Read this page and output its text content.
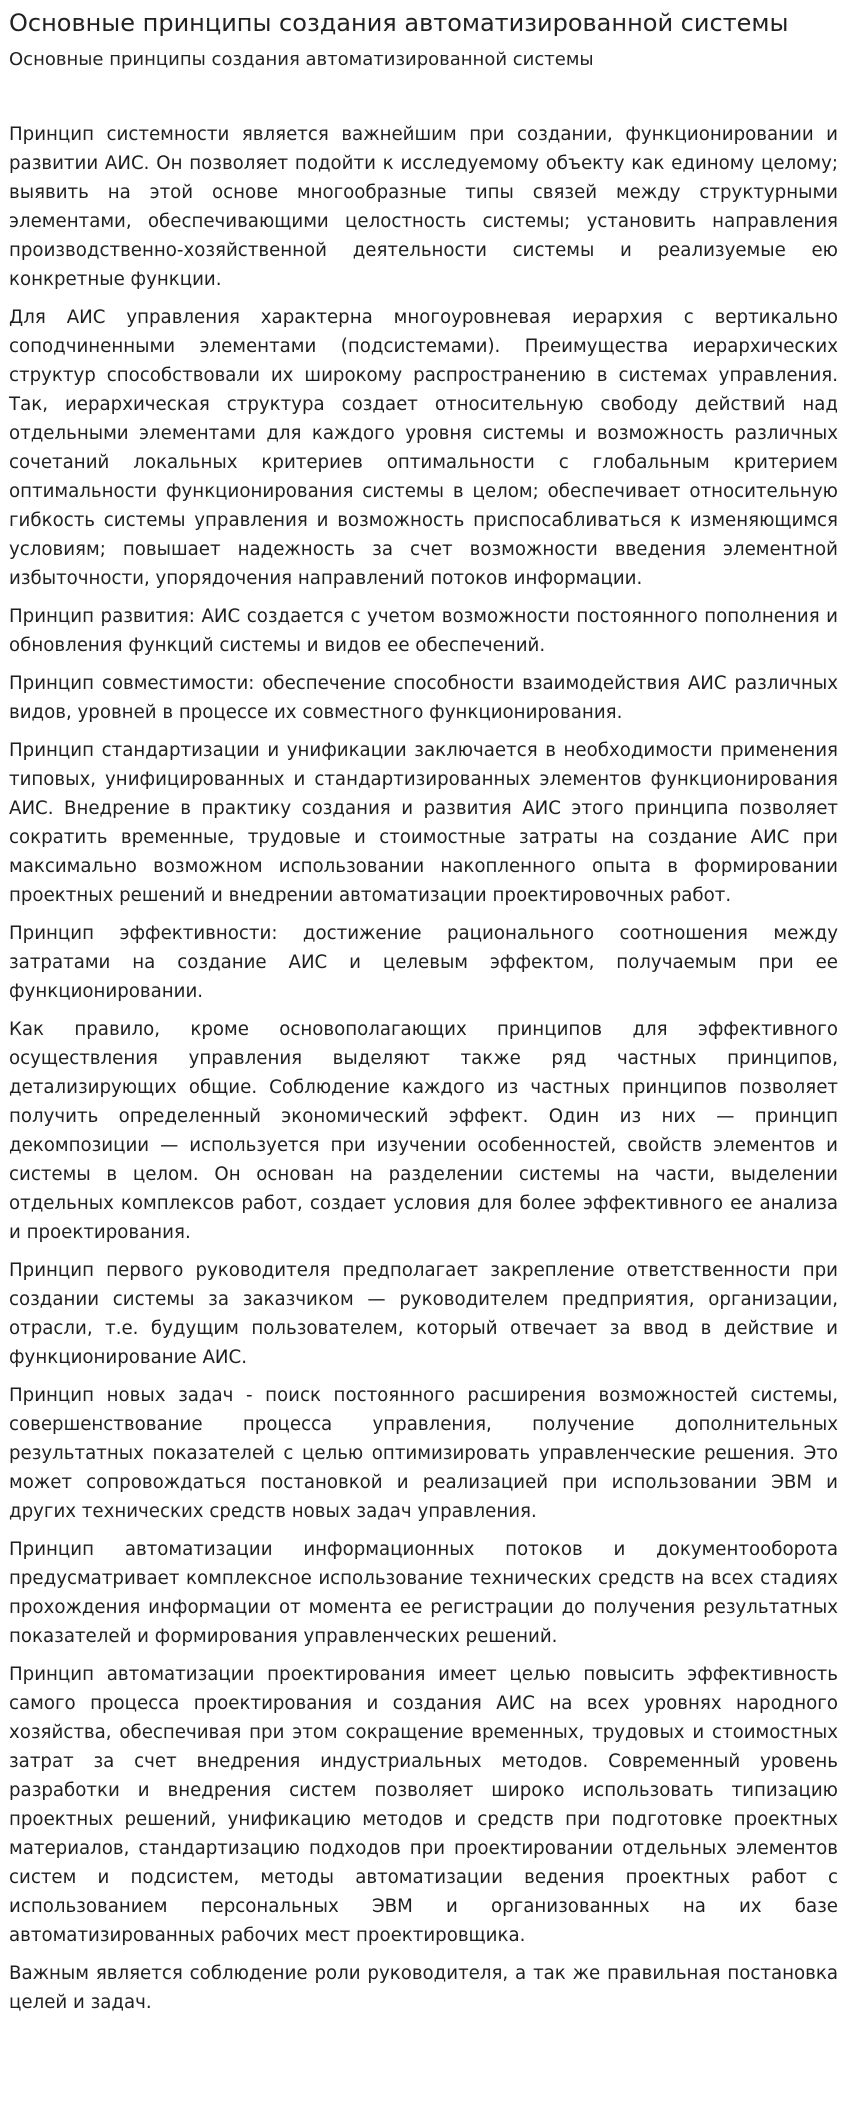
Основные принципы создания автоматизированной системы
Основные принципы создания автоматизированной системы

Принцип системности является важнейшим при создании, функционировании и развитии АИС. Он позволяет подойти к исследуемому объекту как единому целому; выявить на этой основе многообразные типы связей между структурными элементами, обеспечивающими целостность системы; установить направления производственно-хозяйственной деятельности системы и реализуемые ею конкретные функции.

Для АИС управления характерна многоуровневая иерархия с вертикально соподчиненными элементами (подсистемами). Преимущества иерархических структур способствовали их широкому распространению в системах управления. Так, иерархическая структура создает относительную свободу действий над отдельными элементами для каждого уровня системы и возможность различных сочетаний локальных критериев оптимальности с глобальным критерием оптимальности функционирования системы в целом; обеспечивает относительную гибкость системы управления и возможность приспосабливаться к изменяющимся условиям; повышает надежность за счет возможности введения элементной избыточности, упорядочения направлений потоков информации.

Принцип развития: АИС создается с учетом возможности постоянного пополнения и обновления функций системы и видов ее обеспечений.

Принцип совместимости: обеспечение способности взаимодействия АИС различных видов, уровней в процессе их совместного функционирования.

Принцип стандартизации и унификации заключается в необходимости применения типовых, унифицированных и стандартизированных элементов функционирования АИС. Внедрение в практику создания и развития АИС этого принципа позволяет сократить временные, трудовые и стоимостные затраты на создание АИС при максимально возможном использовании накопленного опыта в формировании проектных решений и внедрении автоматизации проектировочных работ.

Принцип эффективности: достижение рационального соотношения между затратами на создание АИС и целевым эффектом, получаемым при ее функционировании.

Как правило, кроме основополагающих принципов для эффективного осуществления управления выделяют также ряд частных принципов, детализирующих общие. Соблюдение каждого из частных принципов позволяет получить определенный экономический эффект. Один из них — принцип декомпозиции — используется при изучении особенностей, свойств элементов и системы в целом. Он основан на разделении системы на части, выделении отдельных комплексов работ, создает условия для более эффективного ее анализа и проектирования.

Принцип первого руководителя предполагает закрепление ответственности при создании системы за заказчиком — руководителем предприятия, организации, отрасли, т.е. будущим пользователем, который отвечает за ввод в действие и функционирование АИС.

Принцип новых задач - поиск постоянного расширения возможностей системы, совершенствование процесса управления, получение дополнительных результатных показателей с целью оптимизировать управленческие решения. Это может сопровождаться постановкой и реализацией при использовании ЭВМ и других технических средств новых задач управления.

Принцип автоматизации информационных потоков и документооборота предусматривает комплексное использование технических средств на всех стадиях прохождения информации от момента ее регистрации до получения результатных показателей и формирования управленческих решений.

Принцип автоматизации проектирования имеет целью повысить эффективность самого процесса проектирования и создания АИС на всех уровнях народного хозяйства, обеспечивая при этом сокращение временных, трудовых и стоимостных затрат за счет внедрения индустриальных методов. Современный уровень разработки и внедрения систем позволяет широко использовать типизацию проектных решений, унификацию методов и средств при подготовке проектных материалов, стандартизацию подходов при проектировании отдельных элементов систем и подсистем, методы автоматизации ведения проектных работ с использованием персональных ЭВМ и организованных на их базе автоматизированных рабочих мест проектировщика.

Важным является соблюдение роли руководителя, а так же правильная постановка целей и задач.
